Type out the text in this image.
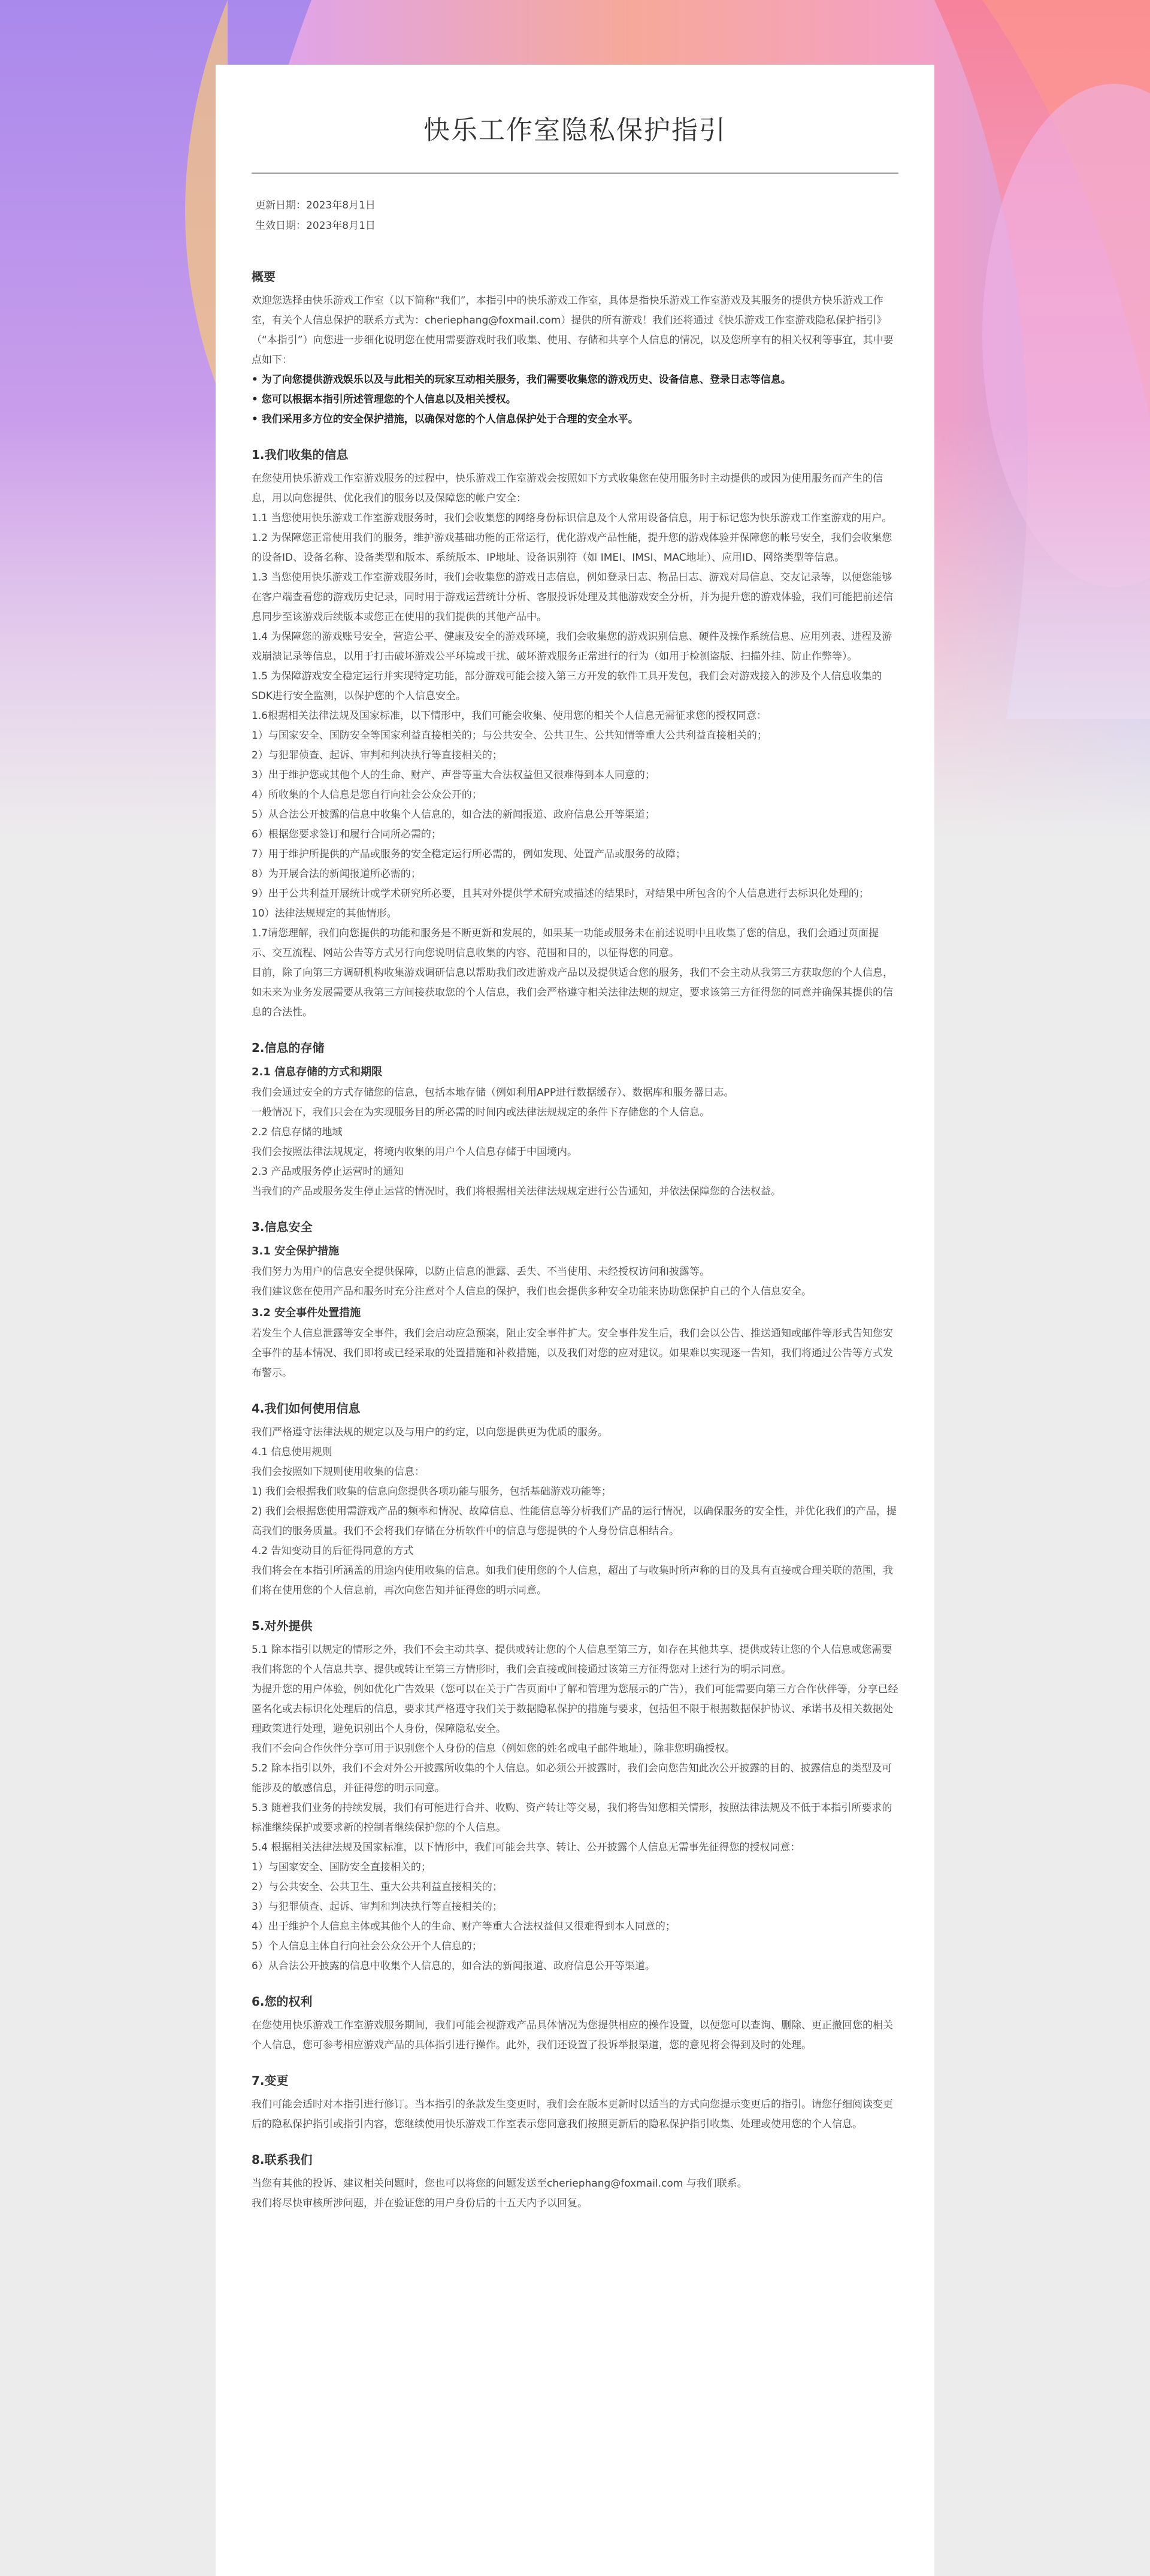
快乐工作室隐私保护指引
更新日期：2023年8月1日
生效日期：2023年8月1日
概要

欢迎您选择由快乐游戏工作室（以下简称“我们”，本指引中的快乐游戏工作室，具体是指快乐游戏工作室游戏及其服务的提供方快乐游戏工作室，有关个人信息保护的联系方式为：cheriephang@foxmail.com）提供的所有游戏！我们还将通过《快乐游戏工作室游戏隐私保护指引》（“本指引”）向您进一步细化说明您在使用需要游戏时我们收集、使用、存储和共享个人信息的情况，以及您所享有的相关权利等事宜，其中要点如下：

• 为了向您提供游戏娱乐以及与此相关的玩家互动相关服务，我们需要收集您的游戏历史、设备信息、登录日志等信息。

• 您可以根据本指引所述管理您的个人信息以及相关授权。

• 我们采用多方位的安全保护措施，以确保对您的个人信息保护处于合理的安全水平。

1.我们收集的信息

在您使用快乐游戏工作室游戏服务的过程中，快乐游戏工作室游戏会按照如下方式收集您在使用服务时主动提供的或因为使用服务而产生的信息，用以向您提供、优化我们的服务以及保障您的帐户安全：

1.1 当您使用快乐游戏工作室游戏服务时，我们会收集您的网络身份标识信息及个人常用设备信息，用于标记您为快乐游戏工作室游戏的用户。

1.2 为保障您正常使用我们的服务，维护游戏基础功能的正常运行，优化游戏产品性能，提升您的游戏体验并保障您的帐号安全，我们会收集您的设备ID、设备名称、设备类型和版本、系统版本、IP地址、设备识别符（如 IMEI、IMSI、MAC地址）、应用ID、网络类型等信息。

1.3 当您使用快乐游戏工作室游戏服务时，我们会收集您的游戏日志信息，例如登录日志、物品日志、游戏对局信息、交友记录等，以便您能够在客户端查看您的游戏历史记录，同时用于游戏运营统计分析、客服投诉处理及其他游戏安全分析，并为提升您的游戏体验，我们可能把前述信息同步至该游戏后续版本或您正在使用的我们提供的其他产品中。

1.4 为保障您的游戏账号安全，营造公平、健康及安全的游戏环境，我们会收集您的游戏识别信息、硬件及操作系统信息、应用列表、进程及游戏崩溃记录等信息，以用于打击破坏游戏公平环境或干扰、破坏游戏服务正常进行的行为（如用于检测盗版、扫描外挂、防止作弊等）。

1.5 为保障游戏安全稳定运行并实现特定功能，部分游戏可能会接入第三方开发的软件工具开发包，我们会对游戏接入的涉及个人信息收集的SDK进行安全监测，以保护您的个人信息安全。

1.6根据相关法律法规及国家标准，以下情形中，我们可能会收集、使用您的相关个人信息无需征求您的授权同意：

1）与国家安全、国防安全等国家利益直接相关的；与公共安全、公共卫生、公共知情等重大公共利益直接相关的；

2）与犯罪侦查、起诉、审判和判决执行等直接相关的；

3）出于维护您或其他个人的生命、财产、声誉等重大合法权益但又很难得到本人同意的；

4）所收集的个人信息是您自行向社会公众公开的；

5）从合法公开披露的信息中收集个人信息的，如合法的新闻报道、政府信息公开等渠道；

6）根据您要求签订和履行合同所必需的；

7）用于维护所提供的产品或服务的安全稳定运行所必需的，例如发现、处置产品或服务的故障；

8）为开展合法的新闻报道所必需的；

9）出于公共利益开展统计或学术研究所必要，且其对外提供学术研究或描述的结果时，对结果中所包含的个人信息进行去标识化处理的；

10）法律法规规定的其他情形。

1.7请您理解，我们向您提供的功能和服务是不断更新和发展的，如果某一功能或服务未在前述说明中且收集了您的信息，我们会通过页面提示、交互流程、网站公告等方式另行向您说明信息收集的内容、范围和目的，以征得您的同意。

目前，除了向第三方调研机构收集游戏调研信息以帮助我们改进游戏产品以及提供适合您的服务，我们不会主动从我第三方获取您的个人信息，如未来为业务发展需要从我第三方间接获取您的个人信息，我们会严格遵守相关法律法规的规定，要求该第三方征得您的同意并确保其提供的信息的合法性。

2.信息的存储
2.1 信息存储的方式和期限

我们会通过安全的方式存储您的信息，包括本地存储（例如利用APP进行数据缓存）、数据库和服务器日志。

一般情况下，我们只会在为实现服务目的所必需的时间内或法律法规规定的条件下存储您的个人信息。

2.2 信息存储的地域

我们会按照法律法规规定，将境内收集的用户个人信息存储于中国境内。

2.3 产品或服务停止运营时的通知

当我们的产品或服务发生停止运营的情况时，我们将根据相关法律法规规定进行公告通知，并依法保障您的合法权益。

3.信息安全
3.1 安全保护措施

我们努力为用户的信息安全提供保障，以防止信息的泄露、丢失、不当使用、未经授权访问和披露等。

我们建议您在使用产品和服务时充分注意对个人信息的保护，我们也会提供多种安全功能来协助您保护自己的个人信息安全。

3.2 安全事件处置措施

若发生个人信息泄露等安全事件，我们会启动应急预案，阻止安全事件扩大。安全事件发生后，我们会以公告、推送通知或邮件等形式告知您安全事件的基本情况、我们即将或已经采取的处置措施和补救措施，以及我们对您的应对建议。如果难以实现逐一告知，我们将通过公告等方式发布警示。

4.我们如何使用信息

我们严格遵守法律法规的规定以及与用户的约定，以向您提供更为优质的服务。

4.1 信息使用规则

我们会按照如下规则使用收集的信息：

1) 我们会根据我们收集的信息向您提供各项功能与服务，包括基础游戏功能等；

2) 我们会根据您使用需游戏产品的频率和情况、故障信息、性能信息等分析我们产品的运行情况，以确保服务的安全性，并优化我们的产品，提高我们的服务质量。我们不会将我们存储在分析软件中的信息与您提供的个人身份信息相结合。

4.2 告知变动目的后征得同意的方式

我们将会在本指引所涵盖的用途内使用收集的信息。如我们使用您的个人信息，超出了与收集时所声称的目的及具有直接或合理关联的范围，我们将在使用您的个人信息前，再次向您告知并征得您的明示同意。

5.对外提供

5.1 除本指引以规定的情形之外，我们不会主动共享、提供或转让您的个人信息至第三方，如存在其他共享、提供或转让您的个人信息或您需要我们将您的个人信息共享、提供或转让至第三方情形时，我们会直接或间接通过该第三方征得您对上述行为的明示同意。

为提升您的用户体验，例如优化广告效果（您可以在关于广告页面中了解和管理为您展示的广告），我们可能需要向第三方合作伙伴等，分享已经匿名化或去标识化处理后的信息，要求其严格遵守我们关于数据隐私保护的措施与要求，包括但不限于根据数据保护协议、承诺书及相关数据处理政策进行处理，避免识别出个人身份，保障隐私安全。

我们不会向合作伙伴分享可用于识别您个人身份的信息（例如您的姓名或电子邮件地址），除非您明确授权。

5.2 除本指引以外，我们不会对外公开披露所收集的个人信息。如必须公开披露时，我们会向您告知此次公开披露的目的、披露信息的类型及可能涉及的敏感信息，并征得您的明示同意。

5.3 随着我们业务的持续发展，我们有可能进行合并、收购、资产转让等交易，我们将告知您相关情形，按照法律法规及不低于本指引所要求的标准继续保护或要求新的控制者继续保护您的个人信息。

5.4 根据相关法律法规及国家标准，以下情形中，我们可能会共享、转让、公开披露个人信息无需事先征得您的授权同意：

1）与国家安全、国防安全直接相关的；

2）与公共安全、公共卫生、重大公共利益直接相关的；

3）与犯罪侦查、起诉、审判和判决执行等直接相关的；

4）出于维护个人信息主体或其他个人的生命、财产等重大合法权益但又很难得到本人同意的；

5）个人信息主体自行向社会公众公开个人信息的；

6）从合法公开披露的信息中收集个人信息的，如合法的新闻报道、政府信息公开等渠道。

6.您的权利

在您使用快乐游戏工作室游戏服务期间，我们可能会视游戏产品具体情况为您提供相应的操作设置，以便您可以查询、删除、更正撤回您的相关个人信息，您可参考相应游戏产品的具体指引进行操作。此外，我们还设置了投诉举报渠道，您的意见将会得到及时的处理。

7.变更

我们可能会适时对本指引进行修订。当本指引的条款发生变更时，我们会在版本更新时以适当的方式向您提示变更后的指引。请您仔细阅读变更后的隐私保护指引或指引内容，您继续使用快乐游戏工作室表示您同意我们按照更新后的隐私保护指引收集、处理或使用您的个人信息。

8.联系我们

当您有其他的投诉、建议相关问题时，您也可以将您的问题发送至cheriephang@foxmail.com 与我们联系。

我们将尽快审核所涉问题，并在验证您的用户身份后的十五天内予以回复。
